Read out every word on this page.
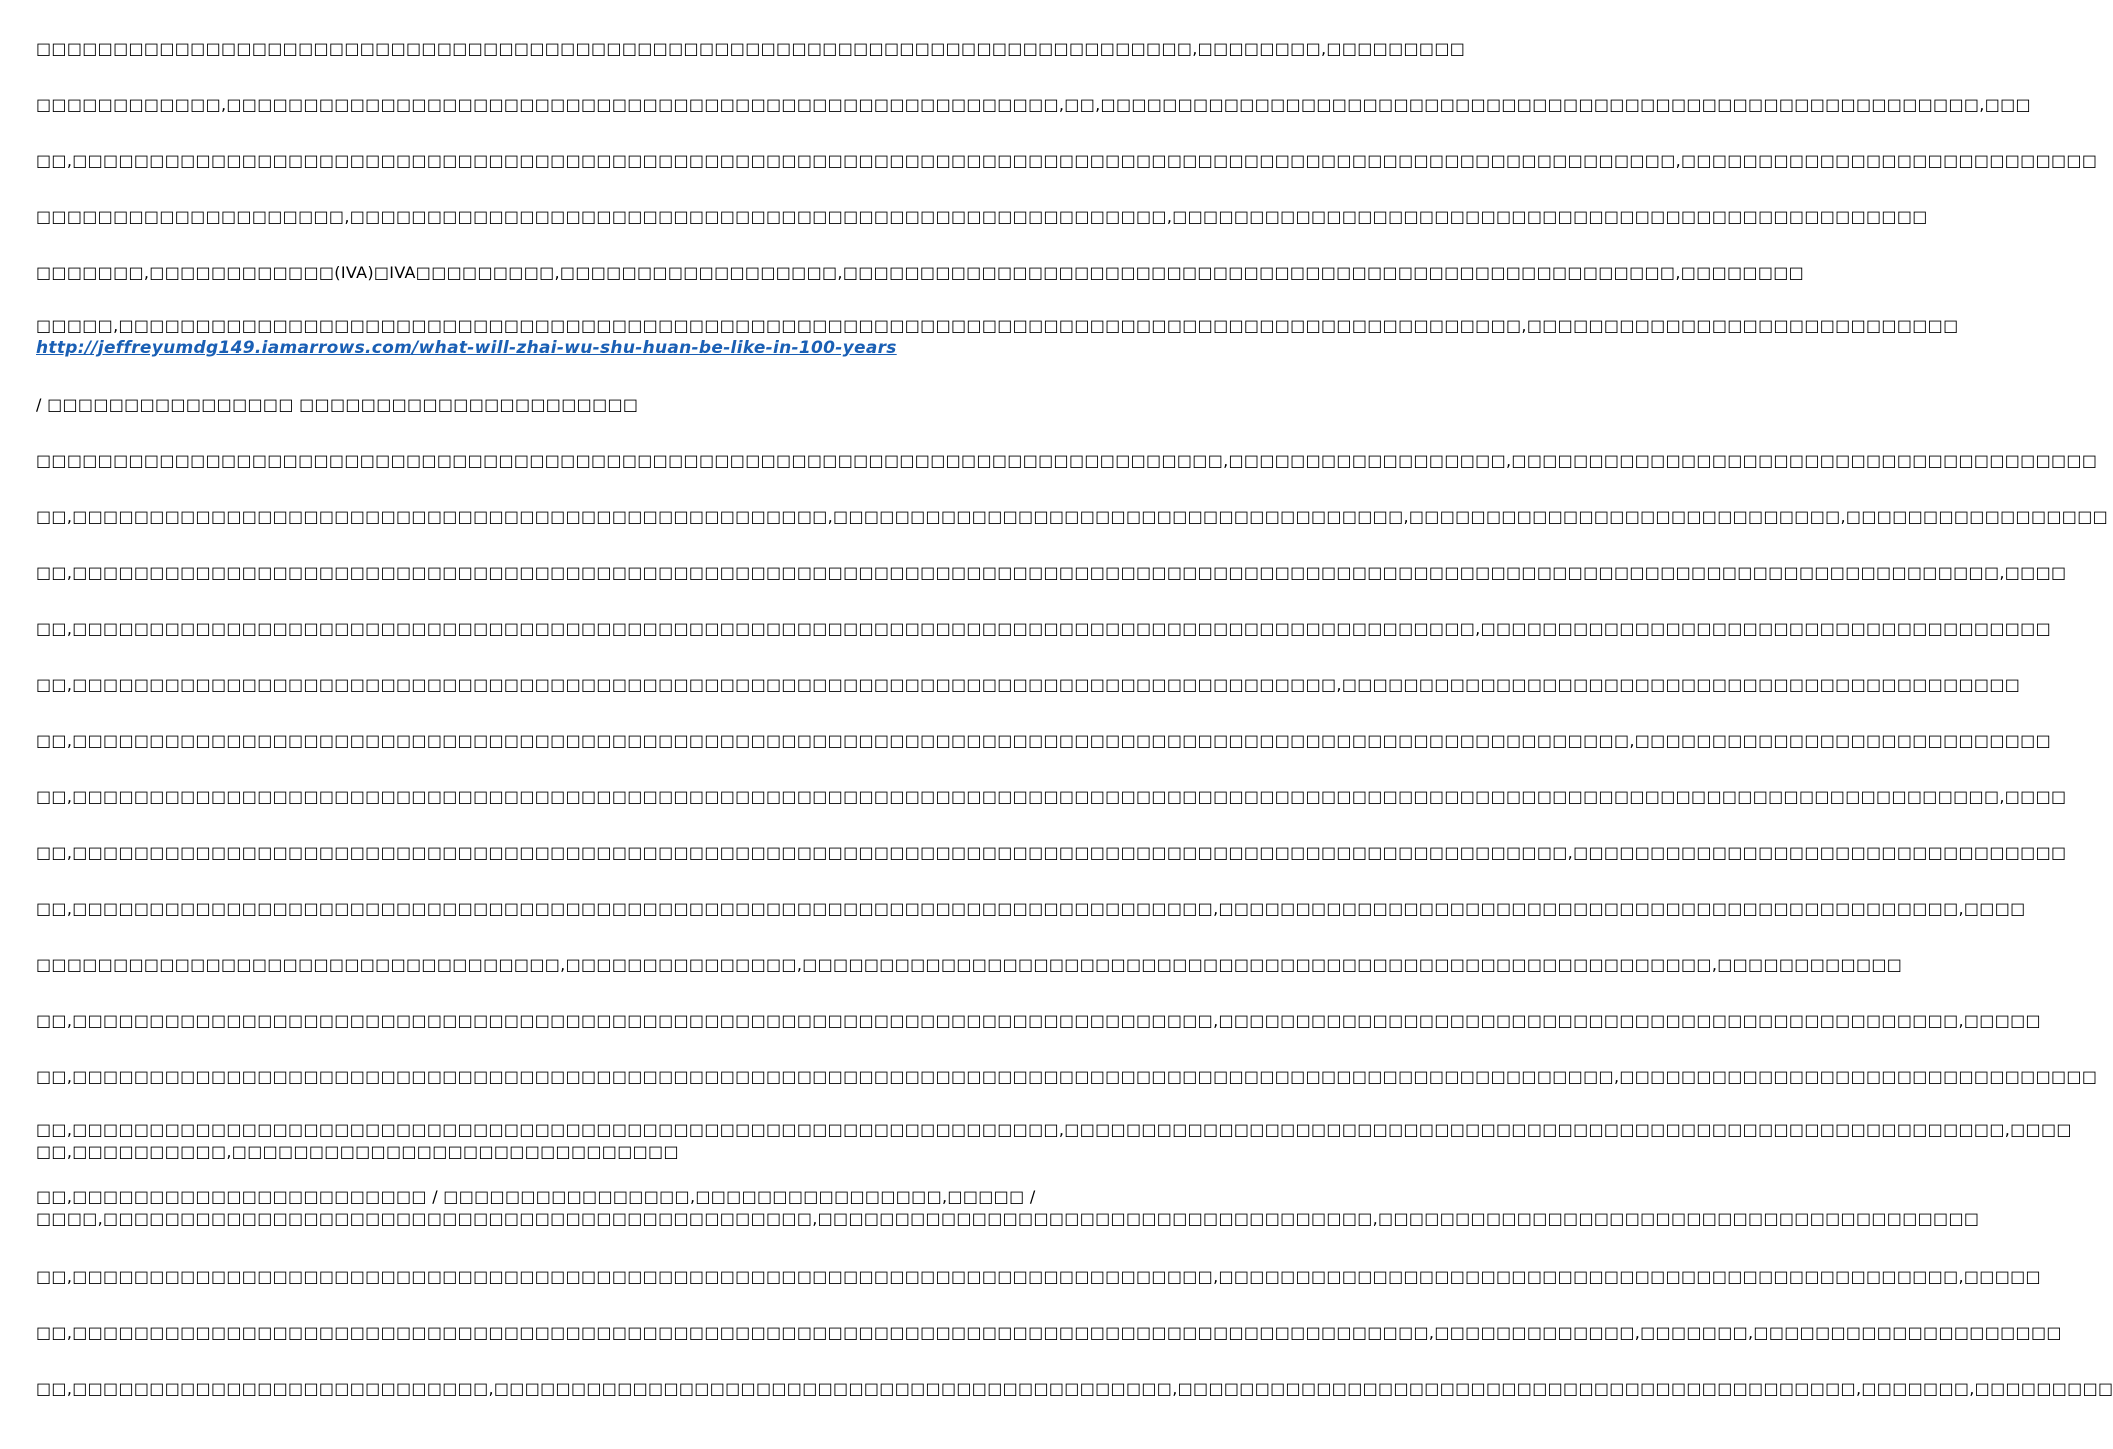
□□□□□□□□□□□□□□□□□□□□□□□□□□□□□□□□□□□□□□□□□□□□□□□□□□□□□□□□□□□□□□□□□□□□□□□□□□□,□□□□□□□□,□□□□□□□□□

□□□□□□□□□□□□,□□□□□□□□□□□□□□□□□□□□□□□□□□□□□□□□□□□□□□□□□□□□□□□□□□□□□□,□□,□□□□□□□□□□□□□□□□□□□□□□□□□□□□□□□□□□□□□□□□□□□□□□□□□□□□□□□□□,□□□

□□,□□□□□□□□□□□□□□□□□□□□□□□□□□□□□□□□□□□□□□□□□□□□□□□□□□□□□□□□□□□□□□□□□□□□□□□□□□□□□□□□□□□□□□□□□□□□□□□□□□□□□□□□,□□□□□□□□□□□□□□□□□□□□□□□□□□□

□□□□□□□□□□□□□□□□□□□□,□□□□□□□□□□□□□□□□□□□□□□□□□□□□□□□□□□□□□□□□□□□□□□□□□□□□□,□□□□□□□□□□□□□□□□□□□□□□□□□□□□□□□□□□□□□□□□□□□□□□□□□

□□□□□□□,□□□□□□□□□□□□(IVA)□IVA□□□□□□□□□,□□□□□□□□□□□□□□□□□□,□□□□□□□□□□□□□□□□□□□□□□□□□□□□□□□□□□□□□□□□□□□□□□□□□□□□□□,□□□□□□□□

□□□□□,□□□□□□□□□□□□□□□□□□□□□□□□□□□□□□□□□□□□□□□□□□□□□□□□□□□□□□□□□□□□□□□□□□□□□□□□□□□□□□□□□□□□□□□□□□□,□□□□□□□□□□□□□□□□□□□□□□□□□□□□
http://jeffreyumdg149.iamarrows.com/what-will-zhai-wu-shu-huan-be-like-in-100-years

/ □□□□□□□□□□□□□□□□ □□□□□□□□□□□□□□□□□□□□□□

□□□□□□□□□□□□□□□□□□□□□□□□□□□□□□□□□□□□□□□□□□□□□□□□□□□□□□□□□□□□□□□□□□□□□□□□□□□□□,□□□□□□□□□□□□□□□□□□,□□□□□□□□□□□□□□□□□□□□□□□□□□□□□□□□□□□□□□

□□,□□□□□□□□□□□□□□□□□□□□□□□□□□□□□□□□□□□□□□□□□□□□□□□□□,□□□□□□□□□□□□□□□□□□□□□□□□□□□□□□□□□□□□□,□□□□□□□□□□□□□□□□□□□□□□□□□□□□,□□□□□□□□□□□□□□□□□

□□,□□□□□□□□□□□□□□□□□□□□□□□□□□□□□□□□□□□□□□□□□□□□□□□□□□□□□□□□□□□□□□□□□□□□□□□□□□□□□□□□□□□□□□□□□□□□□□□□□□□□□□□□□□□□□□□□□□□□□□□□□□□□□,□□□□

□□,□□□□□□□□□□□□□□□□□□□□□□□□□□□□□□□□□□□□□□□□□□□□□□□□□□□□□□□□□□□□□□□□□□□□□□□□□□□□□□□□□□□□□□□□□□□,□□□□□□□□□□□□□□□□□□□□□□□□□□□□□□□□□□□□□

□□,□□□□□□□□□□□□□□□□□□□□□□□□□□□□□□□□□□□□□□□□□□□□□□□□□□□□□□□□□□□□□□□□□□□□□□□□□□□□□□□□□□,□□□□□□□□□□□□□□□□□□□□□□□□□□□□□□□□□□□□□□□□□□□□

□□,□□□□□□□□□□□□□□□□□□□□□□□□□□□□□□□□□□□□□□□□□□□□□□□□□□□□□□□□□□□□□□□□□□□□□□□□□□□□□□□□□□□□□□□□□□□□□□□□□□□□□,□□□□□□□□□□□□□□□□□□□□□□□□□□□

□□,□□□□□□□□□□□□□□□□□□□□□□□□□□□□□□□□□□□□□□□□□□□□□□□□□□□□□□□□□□□□□□□□□□□□□□□□□□□□□□□□□□□□□□□□□□□□□□□□□□□□□□□□□□□□□□□□□□□□□□□□□□□□□,□□□□

□□,□□□□□□□□□□□□□□□□□□□□□□□□□□□□□□□□□□□□□□□□□□□□□□□□□□□□□□□□□□□□□□□□□□□□□□□□□□□□□□□□□□□□□□□□□□□□□□□□□,□□□□□□□□□□□□□□□□□□□□□□□□□□□□□□□□

□□,□□□□□□□□□□□□□□□□□□□□□□□□□□□□□□□□□□□□□□□□□□□□□□□□□□□□□□□□□□□□□□□□□□□□□□□□□□,□□□□□□□□□□□□□□□□□□□□□□□□□□□□□□□□□□□□□□□□□□□□□□□□,□□□□

□□□□□□□□□□□□□□□□□□□□□□□□□□□□□□□□□□,□□□□□□□□□□□□□□□,□□□□□□□□□□□□□□□□□□□□□□□□□□□□□□□□□□□□□□□□□□□□□□□□□□□□□□□□□□□,□□□□□□□□□□□□

□□,□□□□□□□□□□□□□□□□□□□□□□□□□□□□□□□□□□□□□□□□□□□□□□□□□□□□□□□□□□□□□□□□□□□□□□□□□□,□□□□□□□□□□□□□□□□□□□□□□□□□□□□□□□□□□□□□□□□□□□□□□□□,□□□□□

□□,□□□□□□□□□□□□□□□□□□□□□□□□□□□□□□□□□□□□□□□□□□□□□□□□□□□□□□□□□□□□□□□□□□□□□□□□□□□□□□□□□□□□□□□□□□□□□□□□□□□□,□□□□□□□□□□□□□□□□□□□□□□□□□□□□□□□

□□,□□□□□□□□□□□□□□□□□□□□□□□□□□□□□□□□□□□□□□□□□□□□□□□□□□□□□□□□□□□□□□□□,□□□□□□□□□□□□□□□□□□□□□□□□□□□□□□□□□□□□□□□□□□□□□□□□□□□□□□□□□□□□□,□□□□
□□,□□□□□□□□□□,□□□□□□□□□□□□□□□□□□□□□□□□□□□□□
□□,□□□□□□□□□□□□□□□□□□□□□□□ / □□□□□□□□□□□□□□□□,□□□□□□□□□□□□□□□□,□□□□□ /
□□□□,□□□□□□□□□□□□□□□□□□□□□□□□□□□□□□□□□□□□□□□□□□□□□□,□□□□□□□□□□□□□□□□□□□□□□□□□□□□□□□□□□□□,□□□□□□□□□□□□□□□□□□□□□□□□□□□□□□□□□□□□□□□

□□,□□□□□□□□□□□□□□□□□□□□□□□□□□□□□□□□□□□□□□□□□□□□□□□□□□□□□□□□□□□□□□□□□□□□□□□□□□,□□□□□□□□□□□□□□□□□□□□□□□□□□□□□□□□□□□□□□□□□□□□□□□□,□□□□□

□□,□□□□□□□□□□□□□□□□□□□□□□□□□□□□□□□□□□□□□□□□□□□□□□□□□□□□□□□□□□□□□□□□□□□□□□□□□□□□□□□□□□□□□□□□,□□□□□□□□□□□□□,□□□□□□□,□□□□□□□□□□□□□□□□□□□□

□□,□□□□□□□□□□□□□□□□□□□□□□□□□□□,□□□□□□□□□□□□□□□□□□□□□□□□□□□□□□□□□□□□□□□□□□□□,□□□□□□□□□□□□□□□□□□□□□□□□□□□□□□□□□□□□□□□□□□□□,□□□□□□□,□□□□□□□□□
